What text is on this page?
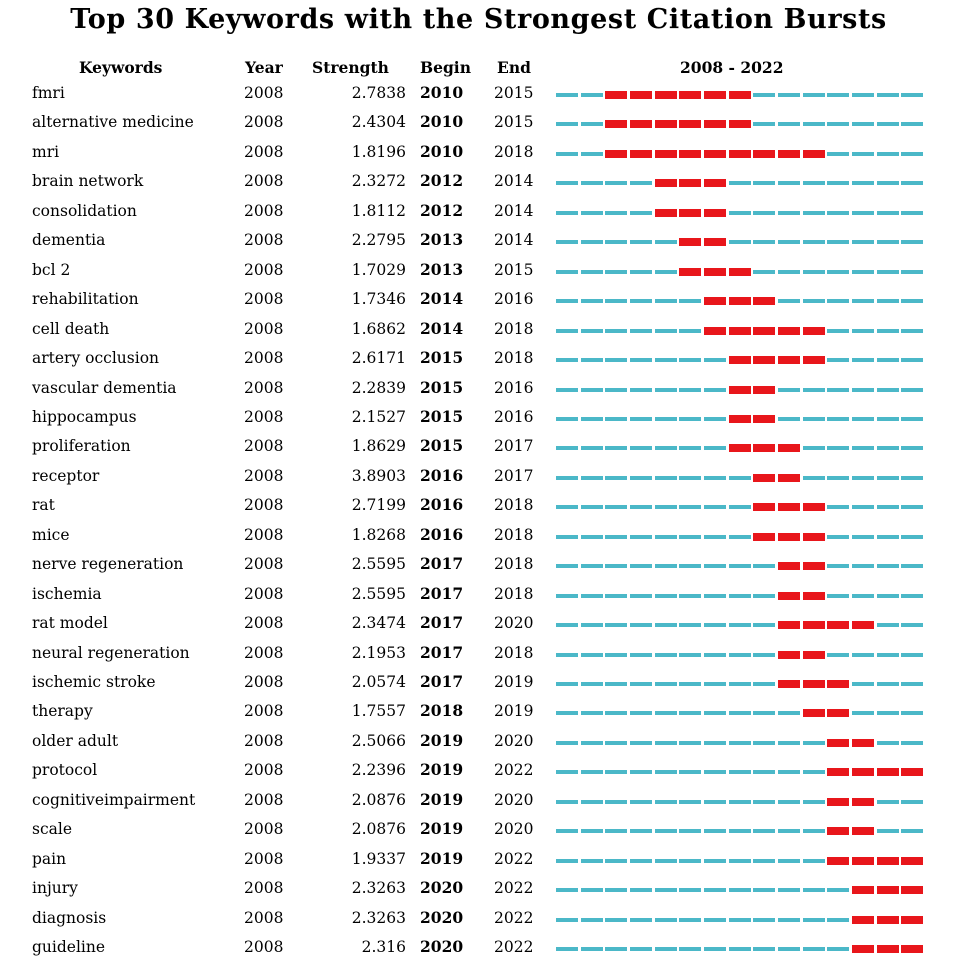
Top 30 Keywords with the Strongest Citation Bursts
Keywords	Year Strength Begin End	2008 - 2022
fmri	2008	2.7838 2010 2015
alternative medicine	2008	2.4304 2010 2015
mri	2008	1.8196 2010 2018
brain network	2008	2.3272 2012 2014
consolidation	2008	1.8112 2012 2014
dementia	2008	2.2795 2013 2014
bcl 2	2008	1.7029 2013 2015
rehabilitation	2008	1.7346 2014 2016
cell death	2008	1.6862 2014 2018
artery occlusion	2008	2.6171 2015 2018
vascular dementia	2008	2.2839 2015 2016
hippocampus	2008	2.1527 2015 2016
proliferation	2008	1.8629 2015 2017
receptor	2008	3.8903 2016 2017
rat	2008	2.7199 2016 2018
mice	2008	1.8268 2016 2018
nerve regeneration	2008	2.5595 2017 2018
ischemia	2008	2.5595 2017 2018
rat model	2008	2.3474 2017 2020
neural regeneration	2008	2.1953 2017 2018
ischemic stroke	2008	2.0574 2017 2019
therapy	2008	1.7557 2018 2019
older adult	2008	2.5066 2019 2020
protocol	2008	2.2396 2019 2022
cognitiveimpairment	2008	2.0876 2019 2020
scale	2008	2.0876 2019 2020
pain	2008	1.9337 2019 2022
injury	2008	2.3263 2020 2022
diagnosis	2008	2.3263 2020 2022
guideline	2008	2.316 2020 2022
